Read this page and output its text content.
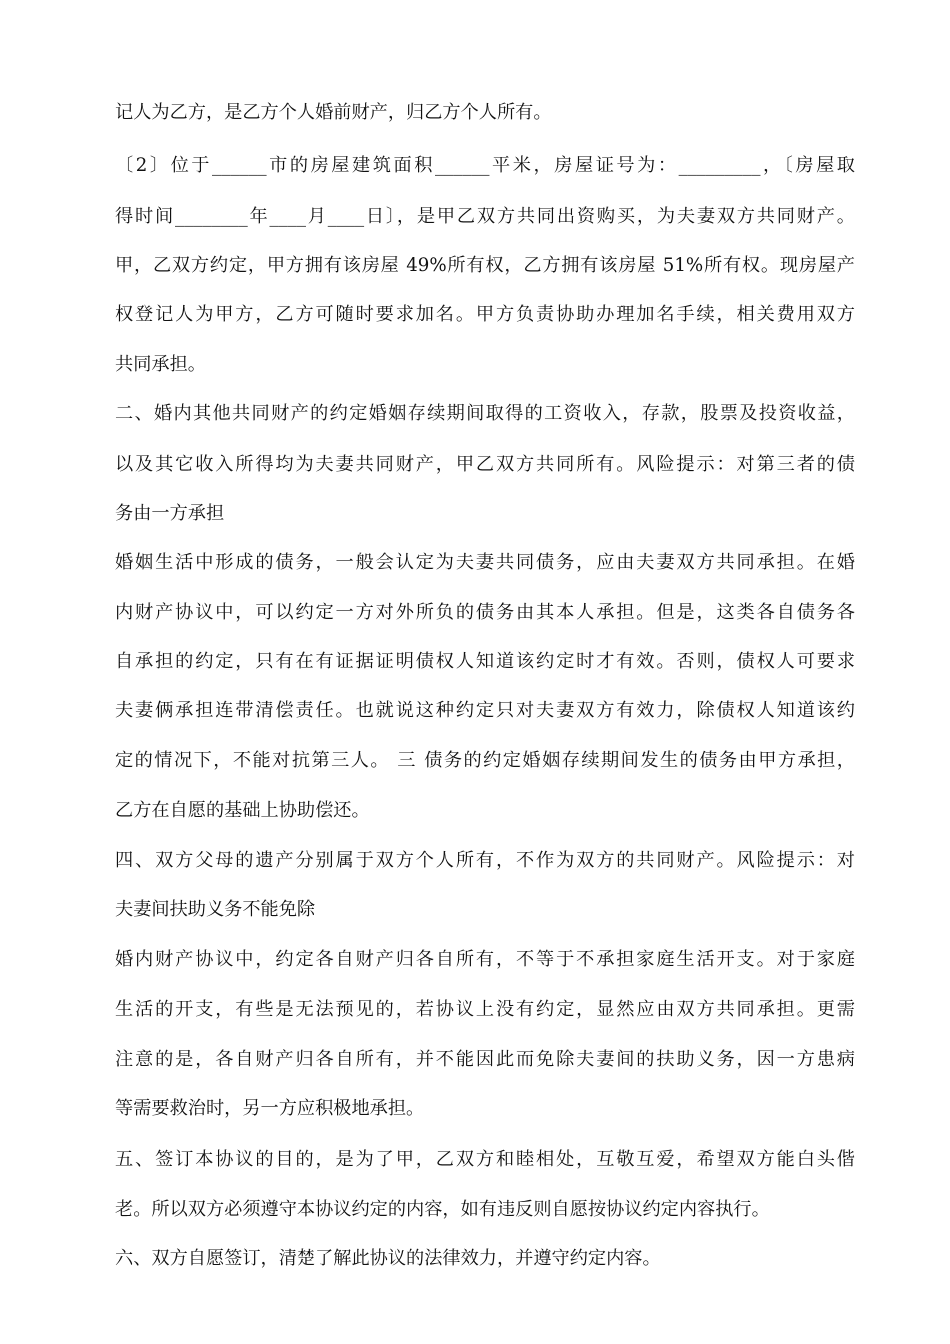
记人为乙方，是乙方个人婚前财产，归乙方个人所有。
〔2〕位于______市的房屋建筑面积______平米，房屋证号为：_________，〔房屋取
得时间________年____月____日〕，是甲乙双方共同出资购买，为夫妻双方共同财产。
甲，乙双方约定，甲方拥有该房屋 49%所有权，乙方拥有该房屋 51%所有权。现房屋产
权登记人为甲方，乙方可随时要求加名。甲方负责协助办理加名手续，相关费用双方
共同承担。
二、婚内其他共同财产的约定婚姻存续期间取得的工资收入，存款，股票及投资收益，
以及其它收入所得均为夫妻共同财产，甲乙双方共同所有。风险提示：对第三者的债
务由一方承担
婚姻生活中形成的债务，一般会认定为夫妻共同债务，应由夫妻双方共同承担。在婚
内财产协议中，可以约定一方对外所负的债务由其本人承担。但是，这类各自债务各
自承担的约定，只有在有证据证明债权人知道该约定时才有效。否则，债权人可要求
夫妻俩承担连带清偿责任。也就说这种约定只对夫妻双方有效力，除债权人知道该约
定的情况下，不能对抗第三人。 三 债务的约定婚姻存续期间发生的债务由甲方承担，
乙方在自愿的基础上协助偿还。
四、双方父母的遗产分别属于双方个人所有，不作为双方的共同财产。风险提示：对
夫妻间扶助义务不能免除
婚内财产协议中，约定各自财产归各自所有，不等于不承担家庭生活开支。对于家庭
生活的开支，有些是无法预见的，若协议上没有约定，显然应由双方共同承担。更需
注意的是，各自财产归各自所有，并不能因此而免除夫妻间的扶助义务，因一方患病
等需要救治时，另一方应积极地承担。
五、签订本协议的目的，是为了甲，乙双方和睦相处，互敬互爱，希望双方能白头偕
老。所以双方必须遵守本协议约定的内容，如有违反则自愿按协议约定内容执行。
六、双方自愿签订，清楚了解此协议的法律效力，并遵守约定内容。
